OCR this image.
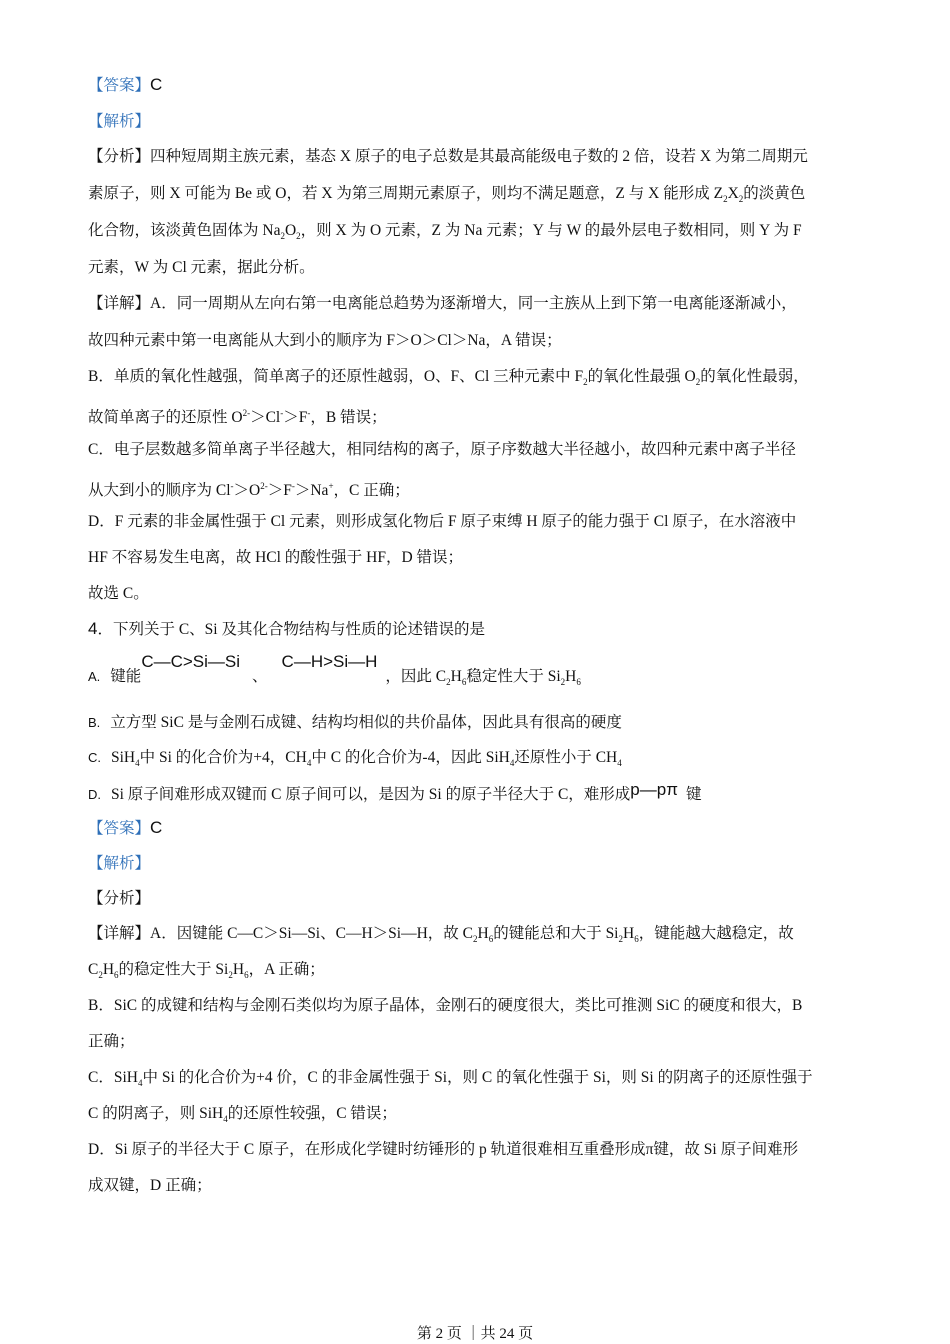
【答案】C
【解析】
【分析】四种短周期主族元素，基态 X 原子的电子总数是其最高能级电子数的 2 倍，设若 X 为第二周期元
素原子，则 X 可能为 Be 或 O，若 X 为第三周期元素原子，则均不满足题意，Z 与 X 能形成 $Z_2X_2$的淡黄色
化合物，该淡黄色固体为 $Na_2O_2$，则 X 为 O 元素，Z 为 Na 元素；Y 与 W 的最外层电子数相同，则 Y 为 F
元素，W 为 Cl 元素，据此分析。
【详解】A．同一周期从左向右第一电离能总趋势为逐渐增大，同一主族从上到下第一电离能逐渐减小，
故四种元素中第一电离能从大到小的顺序为 F＞O＞Cl＞Na，A 错误；
B．单质的氧化性越强，简单离子的还原性越弱，O、F、Cl 三种元素中 $F_2$的氧化性最强 $O_2$的氧化性最弱，
故简单离子的还原性 $O^{2-}>Cl^->F^-$，B 错误；
C．电子层数越多简单离子半径越大，相同结构的离子，原子序数越大半径越小，故四种元素中离子半径
从大到小的顺序为 $Cl^->O^{2-}>F^->Na^+$，C 正确；
D．F 元素的非金属性强于 Cl 元素，则形成氢化物后 F 原子束缚 H 原子的能力强于 Cl 原子，在水溶液中
HF 不容易发生电离，故 HCl 的酸性强于 HF，D 错误；
故选 C。
4．下列关于 C、Si 及其化合物结构与性质的论述错误的是
A. 键能C—C>Si—Si、C—H>Si—H，因此 $C_2H_6$稳定性大于 $Si_2H_6$
B. 立方型 SiC 是与金刚石成键、结构均相似的共价晶体，因此具有很高的硬度
C. SiH$_4$中 Si 的化合价为+4，$CH_4$中 C 的化合价为-4，因此 SiH$_4$还原性小于 $CH_4$
D. Si 原子间难形成双键而 C 原子间可以，是因为 Si 的原子半径大于 C，难形成p—pπ 键
【答案】C
【解析】
【分析】
【详解】A．因键能 C—C＞Si—Si、C—H＞Si—H，故 $C_2H_6$的键能总和大于 $Si_2H_6$，键能越大越稳定，故
$C_2H_6$的稳定性大于 $Si_2H_6$，A 正确；
B．SiC 的成键和结构与金刚石类似均为原子晶体，金刚石的硬度很大，类比可推测 SiC 的硬度和很大，B
正确；
C．SiH$_4$中 Si 的化合价为+4 价，C 的非金属性强于 Si，则 C 的氧化性强于 Si，则 Si 的阴离子的还原性强于
C 的阴离子，则 SiH$_4$的还原性较强，C 错误；
D．Si 原子的半径大于 C 原子，在形成化学键时纺锤形的 p 轨道很难相互重叠形成π键，故 Si 原子间难形
成双键，D 正确；
第 2 页 ｜共 24 页
